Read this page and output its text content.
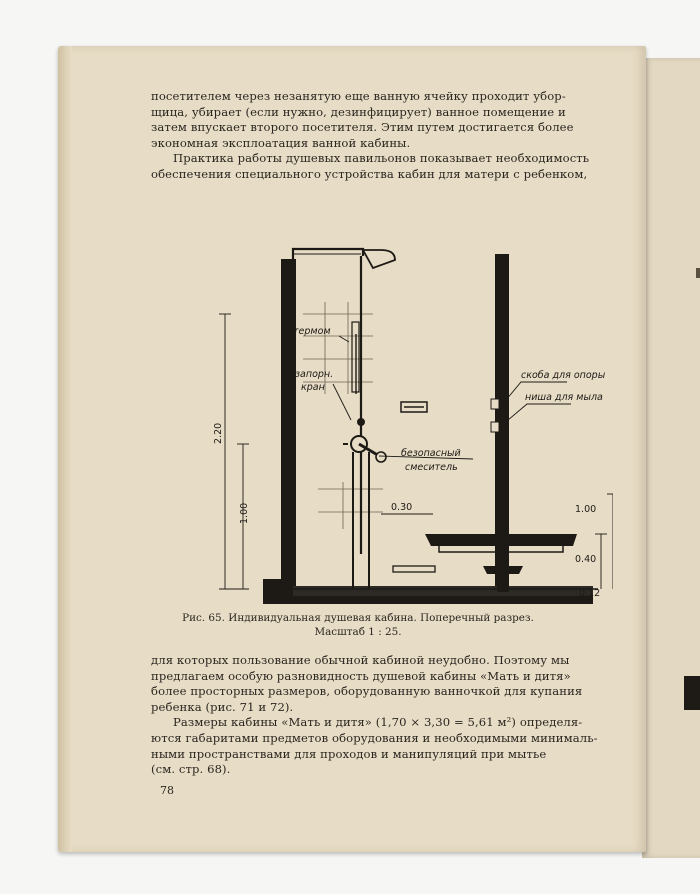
посетителем через незанятую еще ванную ячейку проходит убор-
щица, убирает (если нужно, дезинфицирует) ванное помещение и
затем впускает второго посетителя. Этим путем достигается более
экономная эксплоатация ванной кабины.
Практика работы душевых павильонов показывает необходимость
обеспечения специального устройства кабин для матери с ребенком,
термом
запорн.
кран
скоба для опоры
ниша для мыла
безопасный
смеситель
2.20
1.00	0.30	1.00
0.40
0.12
Рис. 65. Индивидуальная душевая кабина. Поперечный разрез.
Масштаб 1 : 25.
для которых пользование обычной кабиной неудобно. Поэтому мы
предлагаем особую разновидность душевой кабины «Мать и дитя»
более просторных размеров, оборудованную ванночкой для купания
ребенка (рис. 71 и 72).
Размеры кабины «Мать и дитя» (1,70 × 3,30 = 5,61 м²) определя-
ются габаритами предметов оборудования и необходимыми минималь-
ными пространствами для проходов и манипуляций при мытье
(см. стр. 68).
78
